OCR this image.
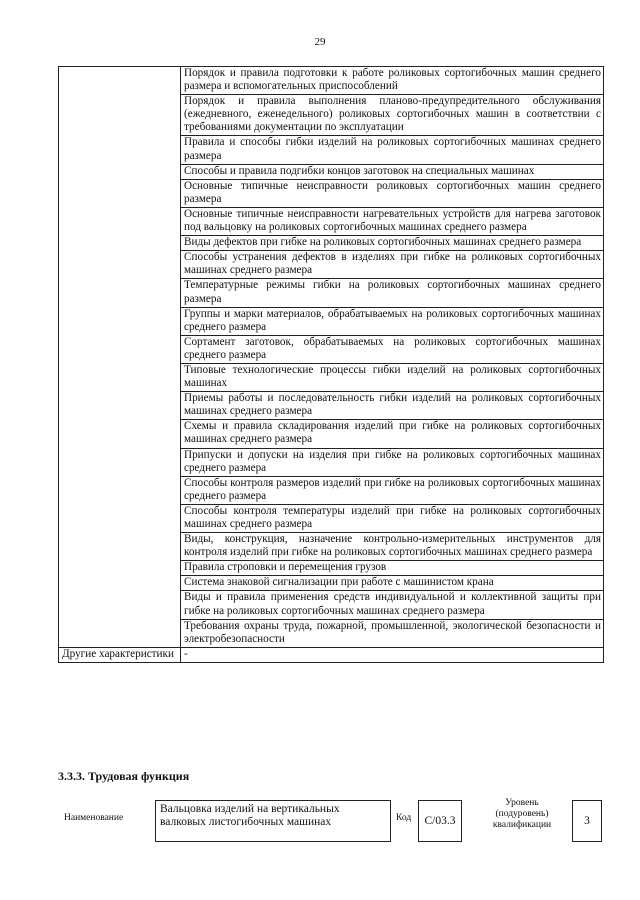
29
	Порядок и правила подготовки к работе роликовых сортогибочных машин среднего размера и вспомогательных приспособлений
	Порядок и правила выполнения планово-предупредительного обслуживания (ежедневного, еженедельного) роликовых сортогибочных машин в соответствии с требованиями документации по эксплуатации
	Правила и способы гибки изделий на роликовых сортогибочных машинах среднего размера
	Способы и правила подгибки концов заготовок на специальных машинах
	Основные типичные неисправности роликовых сортогибочных машин среднего размера
	Основные типичные неисправности нагревательных устройств для нагрева заготовок под вальцовку на роликовых сортогибочных машинах среднего размера
	Виды дефектов при гибке на роликовых сортогибочных машинах среднего размера
	Способы устранения дефектов в изделиях при гибке на роликовых сортогибочных машинах среднего размера
	Температурные режимы гибки на роликовых сортогибочных машинах среднего размера
	Группы и марки материалов, обрабатываемых на роликовых сортогибочных машинах среднего размера
	Сортамент заготовок, обрабатываемых на роликовых сортогибочных машинах среднего размера
	Типовые технологические процессы гибки изделий на роликовых сортогибочных машинах
	Приемы работы и последовательность гибки изделий на роликовых сортогибочных машинах среднего размера
	Схемы и правила складирования изделий при гибке на роликовых сортогибочных машинах среднего размера
	Припуски и допуски на изделия при гибке на роликовых сортогибочных машинах среднего размера
	Способы контроля размеров изделий при гибке на роликовых сортогибочных машинах среднего размера
	Способы контроля температуры изделий при гибке на роликовых сортогибочных машинах среднего размера
	Виды, конструкция, назначение контрольно-измерительных инструментов для контроля изделий при гибке на роликовых сортогибочных машинах среднего размера
	Правила строповки и перемещения грузов
	Система знаковой сигнализации при работе с машинистом крана
	Виды и правила применения средств индивидуальной и коллективной защиты при гибке на роликовых сортогибочных машинах среднего размера
	Требования охраны труда, пожарной, промышленной, экологической безопасности и электробезопасности
Другие характеристики	-
3.3.3. Трудовая функция
Наименование
Вальцовка изделий на вертикальных валковых листогибочных машинах	Код	C/03.3
Уровень (подуровень) квалификации	3
